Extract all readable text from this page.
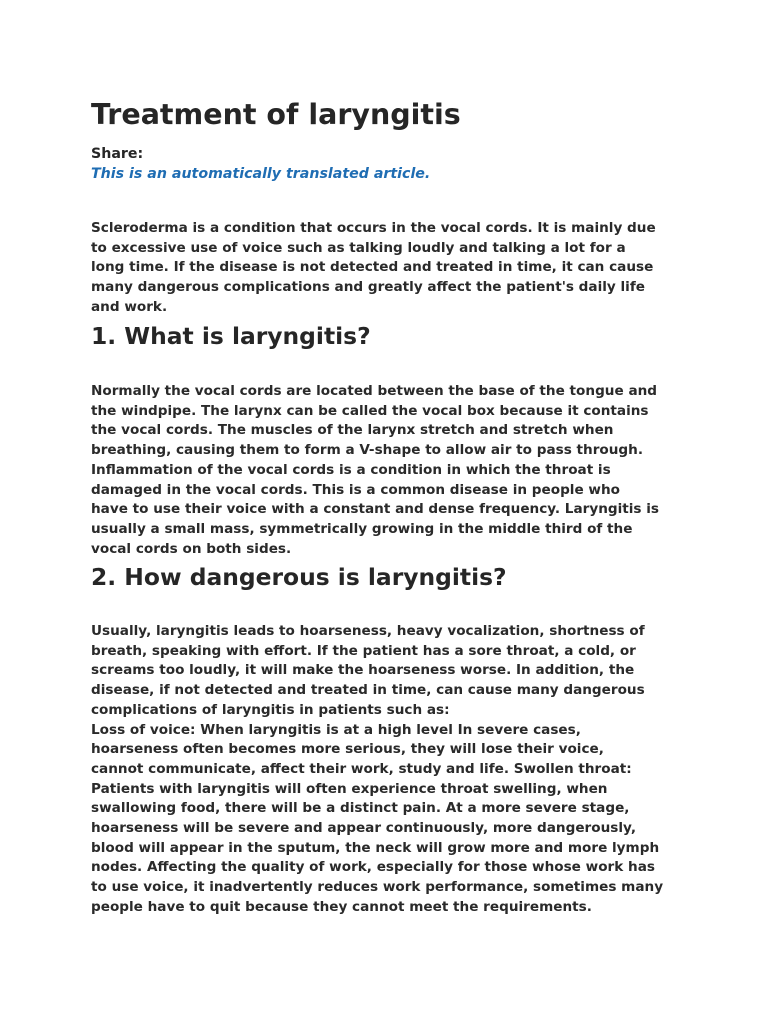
Treatment of laryngitis
Share:
This is an automatically translated article.

Scleroderma is a condition that occurs in the vocal cords. It is mainly due
to excessive use of voice such as talking loudly and talking a lot for a
long time. If the disease is not detected and treated in time, it can cause
many dangerous complications and greatly affect the patient's daily life
and work.

1. What is laryngitis?

Normally the vocal cords are located between the base of the tongue and
the windpipe. The larynx can be called the vocal box because it contains
the vocal cords. The muscles of the larynx stretch and stretch when
breathing, causing them to form a V-shape to allow air to pass through.
Inflammation of the vocal cords is a condition in which the throat is
damaged in the vocal cords. This is a common disease in people who
have to use their voice with a constant and dense frequency. Laryngitis is
usually a small mass, symmetrically growing in the middle third of the
vocal cords on both sides.

2. How dangerous is laryngitis?

Usually, laryngitis leads to hoarseness, heavy vocalization, shortness of
breath, speaking with effort. If the patient has a sore throat, a cold, or
screams too loudly, it will make the hoarseness worse. In addition, the
disease, if not detected and treated in time, can cause many dangerous
complications of laryngitis in patients such as:
Loss of voice: When laryngitis is at a high level In severe cases,
hoarseness often becomes more serious, they will lose their voice,
cannot communicate, affect their work, study and life. Swollen throat:
Patients with laryngitis will often experience throat swelling, when
swallowing food, there will be a distinct pain. At a more severe stage,
hoarseness will be severe and appear continuously, more dangerously,
blood will appear in the sputum, the neck will grow more and more lymph
nodes. Affecting the quality of work, especially for those whose work has
to use voice, it inadvertently reduces work performance, sometimes many
people have to quit because they cannot meet the requirements.
